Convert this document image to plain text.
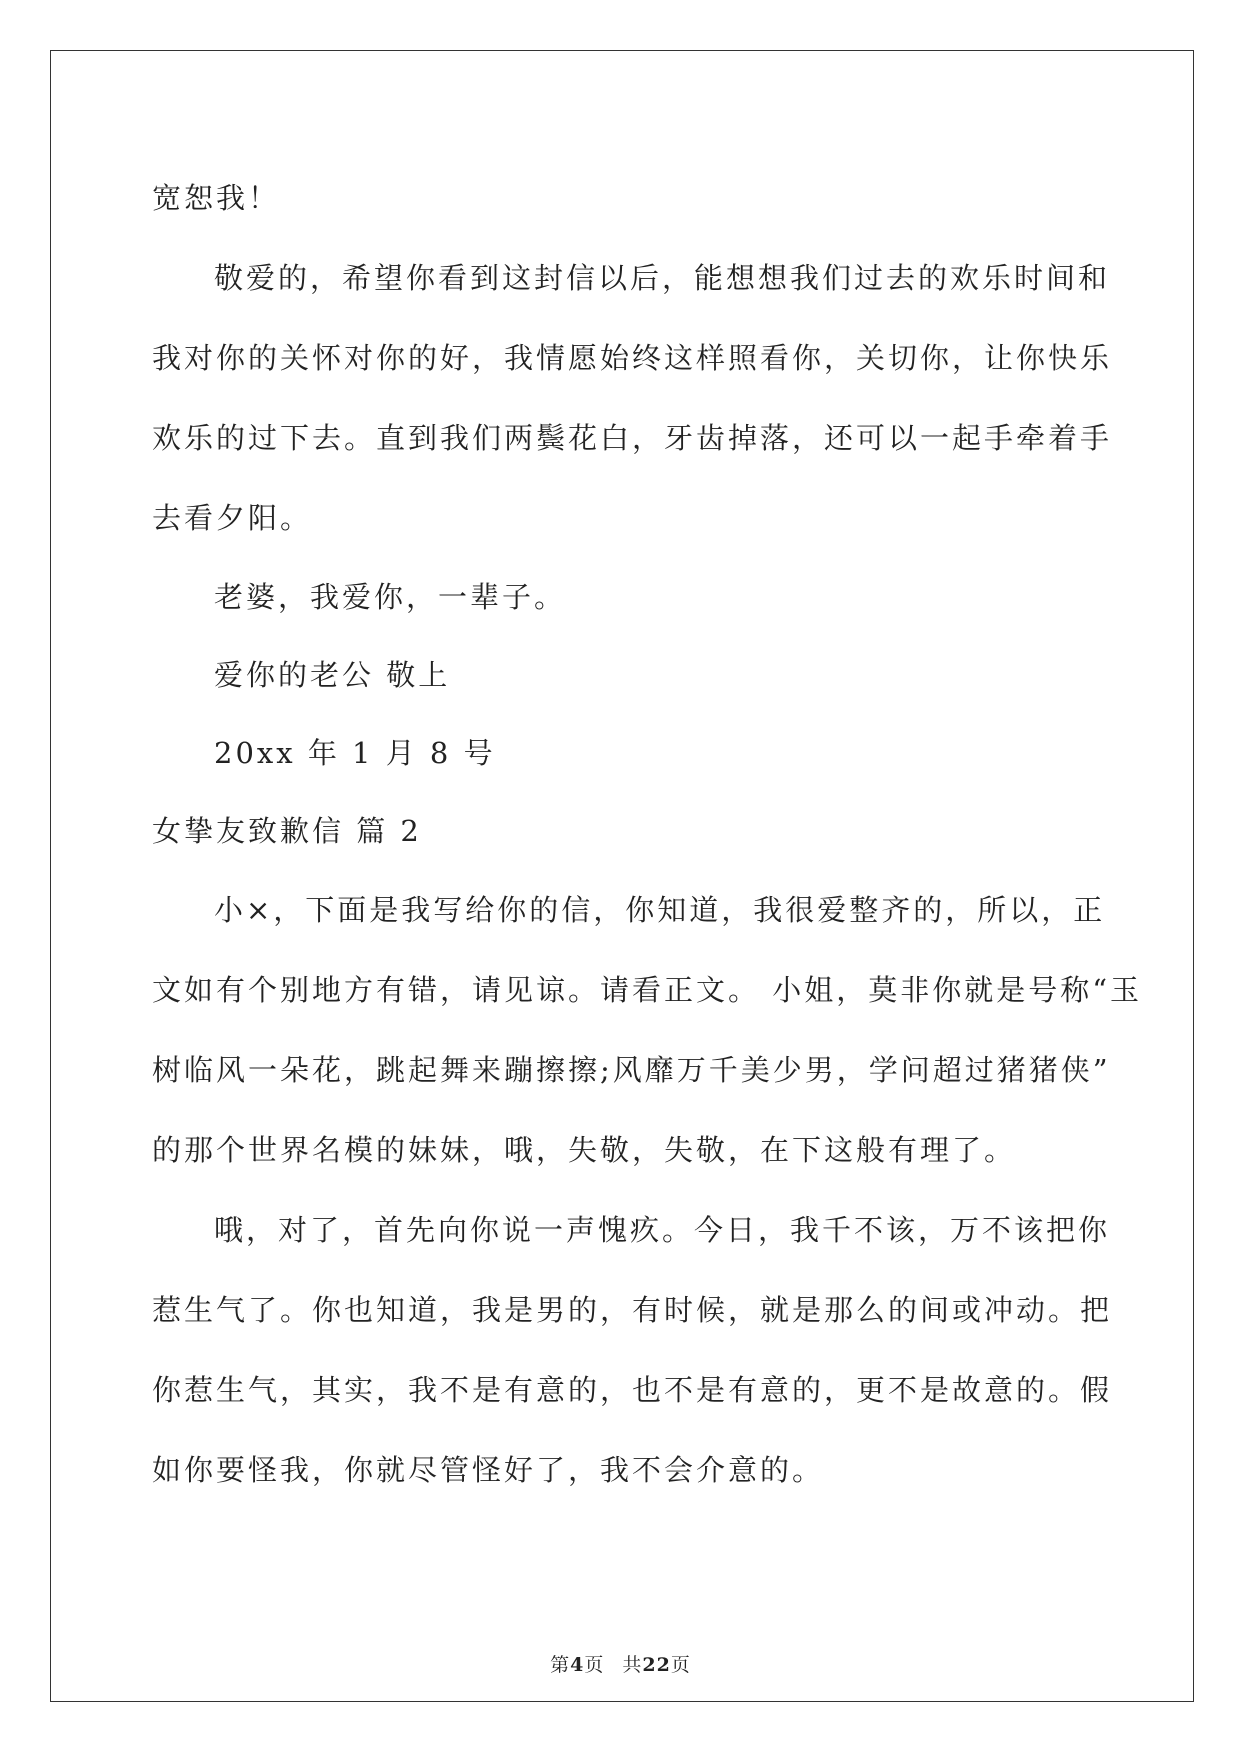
宽恕我！
敬爱的，希望你看到这封信以后，能想想我们过去的欢乐时间和
我对你的关怀对你的好，我情愿始终这样照看你，关切你，让你快乐
欢乐的过下去。直到我们两鬓花白，牙齿掉落，还可以一起手牵着手
去看夕阳。
老婆，我爱你，一辈子。
爱你的老公 敬上
20xx 年 1 月 8 号
女挚友致歉信 篇 2
小×，下面是我写给你的信，你知道，我很爱整齐的，所以，正
文如有个别地方有错，请见谅。请看正文。 小姐，莫非你就是号称“玉
树临风一朵花，跳起舞来蹦擦擦;风靡万千美少男，学问超过猪猪侠”
的那个世界名模的妹妹，哦，失敬，失敬，在下这般有理了。
哦，对了，首先向你说一声愧疚。今日，我千不该，万不该把你
惹生气了。你也知道，我是男的，有时候，就是那么的间或冲动。把
你惹生气，其实，我不是有意的，也不是有意的，更不是故意的。假
如你要怪我，你就尽管怪好了，我不会介意的。
第4页 共22页
